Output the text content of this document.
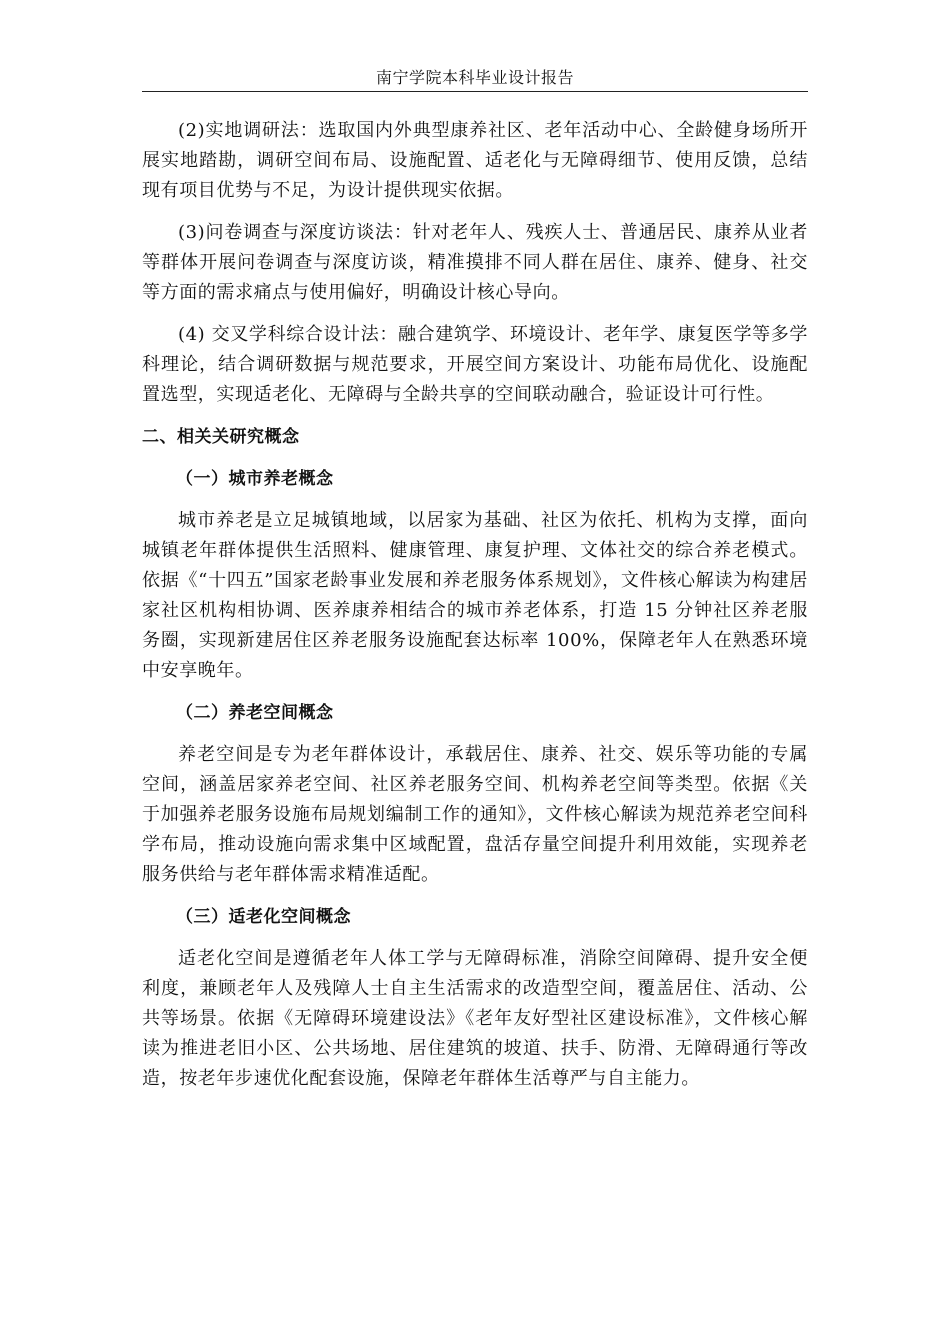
南宁学院本科毕业设计报告

(2)实地调研法：选取国内外典型康养社区、老年活动中心、全龄健身场所开展实地踏勘，调研空间布局、设施配置、适老化与无障碍细节、使用反馈，总结现有项目优势与不足，为设计提供现实依据。

(3)问卷调查与深度访谈法：针对老年人、残疾人士、普通居民、康养从业者等群体开展问卷调查与深度访谈，精准摸排不同人群在居住、康养、健身、社交等方面的需求痛点与使用偏好，明确设计核心导向。

(4) 交叉学科综合设计法：融合建筑学、环境设计、老年学、康复医学等多学科理论，结合调研数据与规范要求，开展空间方案设计、功能布局优化、设施配置选型，实现适老化、无障碍与全龄共享的空间联动融合，验证设计可行性。

二、相关关研究概念
（一）城市养老概念

城市养老是立足城镇地域，以居家为基础、社区为依托、机构为支撑，面向城镇老年群体提供生活照料、健康管理、康复护理、文体社交的综合养老模式。依据《“十四五”国家老龄事业发展和养老服务体系规划》，文件核心解读为构建居家社区机构相协调、医养康养相结合的城市养老体系，打造 15 分钟社区养老服务圈，实现新建居住区养老服务设施配套达标率 100%，保障老年人在熟悉环境中安享晚年。

（二）养老空间概念

养老空间是专为老年群体设计，承载居住、康养、社交、娱乐等功能的专属空间，涵盖居家养老空间、社区养老服务空间、机构养老空间等类型。依据《关于加强养老服务设施布局规划编制工作的通知》，文件核心解读为规范养老空间科学布局，推动设施向需求集中区域配置，盘活存量空间提升利用效能，实现养老服务供给与老年群体需求精准适配。

（三）适老化空间概念

适老化空间是遵循老年人体工学与无障碍标准，消除空间障碍、提升安全便利度，兼顾老年人及残障人士自主生活需求的改造型空间，覆盖居住、活动、公共等场景。依据《无障碍环境建设法》《老年友好型社区建设标准》，文件核心解读为推进老旧小区、公共场地、居住建筑的坡道、扶手、防滑、无障碍通行等改造，按老年步速优化配套设施，保障老年群体生活尊严与自主能力。
